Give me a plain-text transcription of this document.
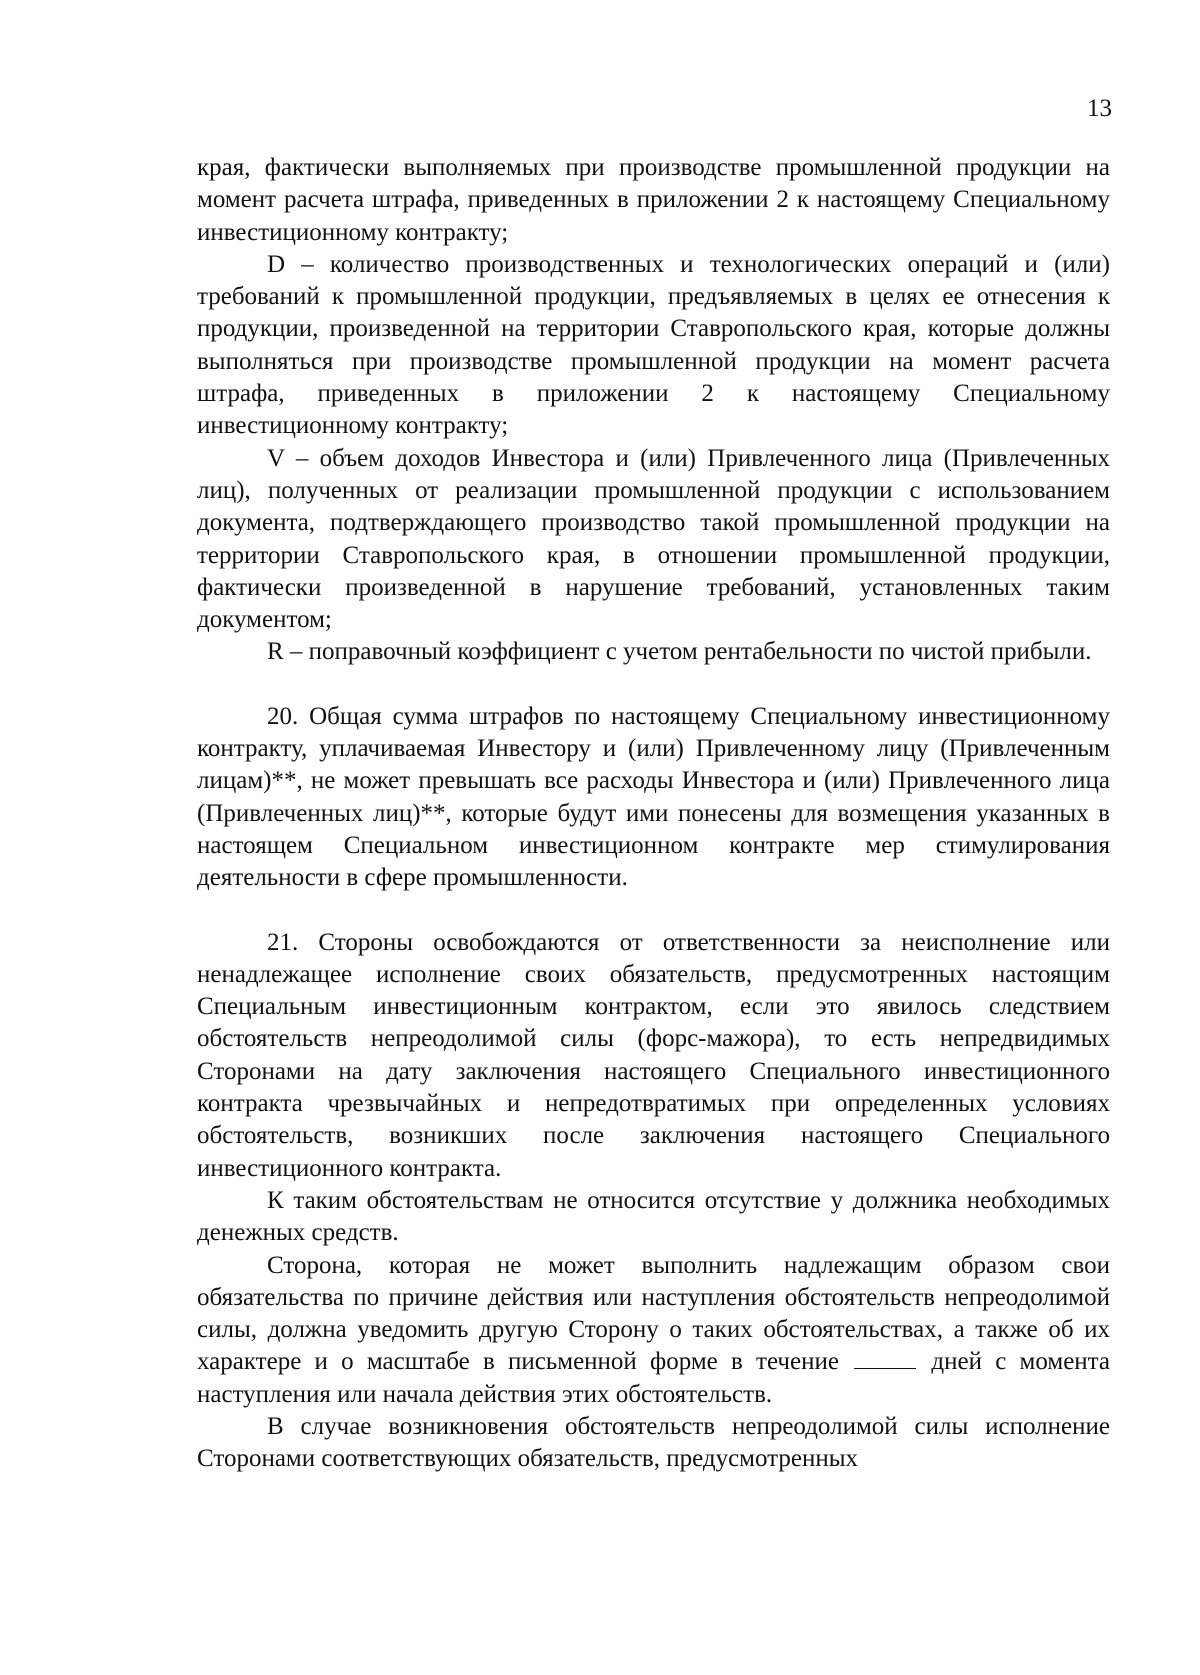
13

края, фактически выполняемых при производстве промышленной продукции на момент расчета штрафа, приведенных в приложении 2 к настоящему Специальному инвестиционному контракту;

D – количество производственных и технологических операций и (или) требований к промышленной продукции, предъявляемых в целях ее отнесения к продукции, произведенной на территории Ставропольского края, которые должны выполняться при производстве промышленной продукции на момент расчета штрафа, приведенных в приложении 2 к настоящему Специальному инвестиционному контракту;

V – объем доходов Инвестора и (или) Привлеченного лица (Привлеченных лиц), полученных от реализации промышленной продукции с использованием документа, подтверждающего производство такой промышленной продукции на территории Ставропольского края, в отношении промышленной продукции, фактически произведенной в нарушение требований, установленных таким документом;

R – поправочный коэффициент с учетом рентабельности по чистой прибыли.

20. Общая сумма штрафов по настоящему Специальному инвестиционному контракту, уплачиваемая Инвестору и (или) Привлеченному лицу (Привлеченным лицам)**, не может превышать все расходы Инвестора и (или) Привлеченного лица (Привлеченных лиц)**, которые будут ими понесены для возмещения указанных в настоящем Специальном инвестиционном контракте мер стимулирования деятельности в сфере промышленности.

21. Стороны освобождаются от ответственности за неисполнение или ненадлежащее исполнение своих обязательств, предусмотренных настоящим Специальным инвестиционным контрактом, если это явилось следствием обстоятельств непреодолимой силы (форс-мажора), то есть непредвидимых Сторонами на дату заключения настоящего Специального инвестиционного контракта чрезвычайных и непредотвратимых при определенных условиях обстоятельств, возникших после заключения настоящего Специального инвестиционного контракта.

К таким обстоятельствам не относится отсутствие у должника необходимых денежных средств.

Сторона, которая не может выполнить надлежащим образом свои обязательства по причине действия или наступления обстоятельств непреодолимой силы, должна уведомить другую Сторону о таких обстоятельствах, а также об их характере и о масштабе в письменной форме в течение	дней с момента наступления или начала действия этих обстоятельств.

В случае возникновения обстоятельств непреодолимой силы исполнение Сторонами соответствующих обязательств, предусмотренных
